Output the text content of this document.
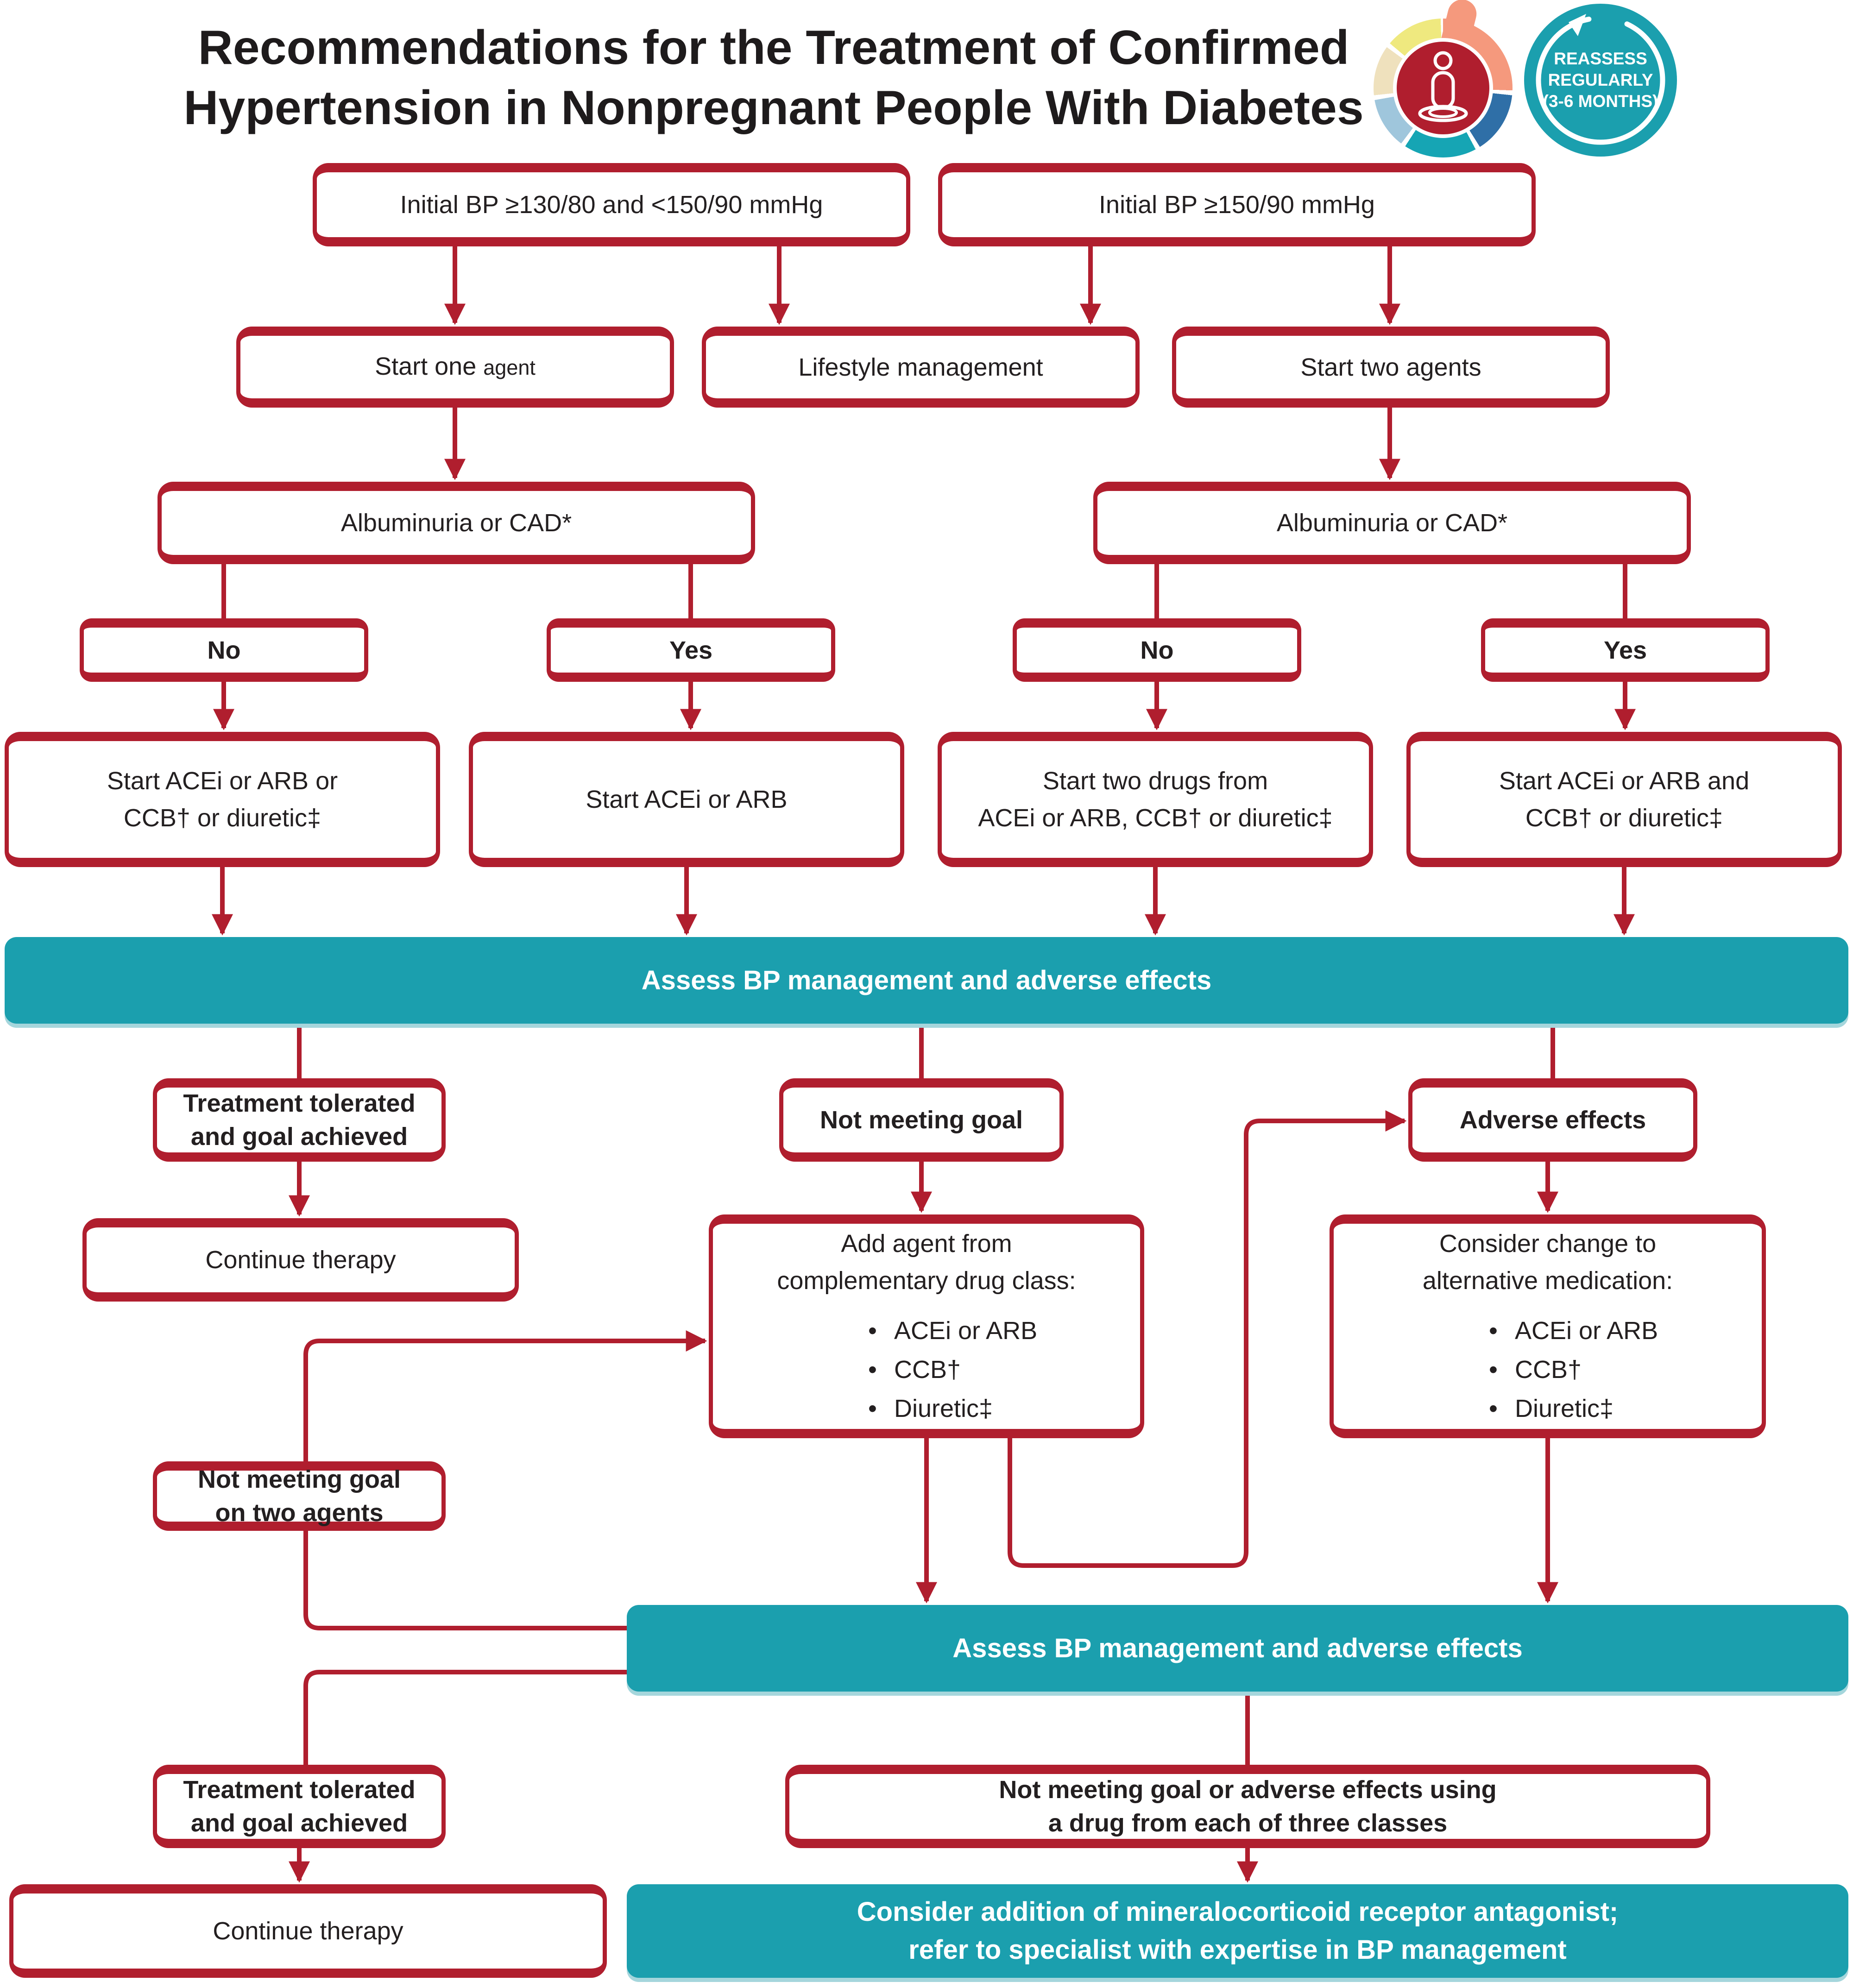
Recommendations for the Treatment of Confirmed
Hypertension in Nonpregnant People With Diabetes
REASSESS
REGULARLY
(3-6 MONTHS)
Initial BP ≥130/80 and <150/90 mmHg	Initial BP ≥150/90 mmHg
Start one agent	Lifestyle management	Start two agents
Albuminuria or CAD*	Albuminuria or CAD*
No	Yes	No	Yes
Start ACEi or ARB or
CCB† or diuretic‡
Start ACEi or ARB
Start two drugs from
ACEi or ARB, CCB† or diuretic‡
Start ACEi or ARB and
CCB† or diuretic‡
Assess BP management and adverse effects
Treatment tolerated
and goal achieved
Not meeting goal	Adverse effects
Continue therapy
Add agent from
complementary drug class:
• ACEi or ARB
• CCB†
• Diuretic‡
Consider change to
alternative medication:
• ACEi or ARB
• CCB†
• Diuretic‡
Not meeting goal
on two agents
Assess BP management and adverse effects
Treatment tolerated
and goal achieved
Not meeting goal or adverse effects using
a drug from each of three classes
Continue therapy
Consider addition of mineralocorticoid receptor antagonist;
refer to specialist with expertise in BP management
